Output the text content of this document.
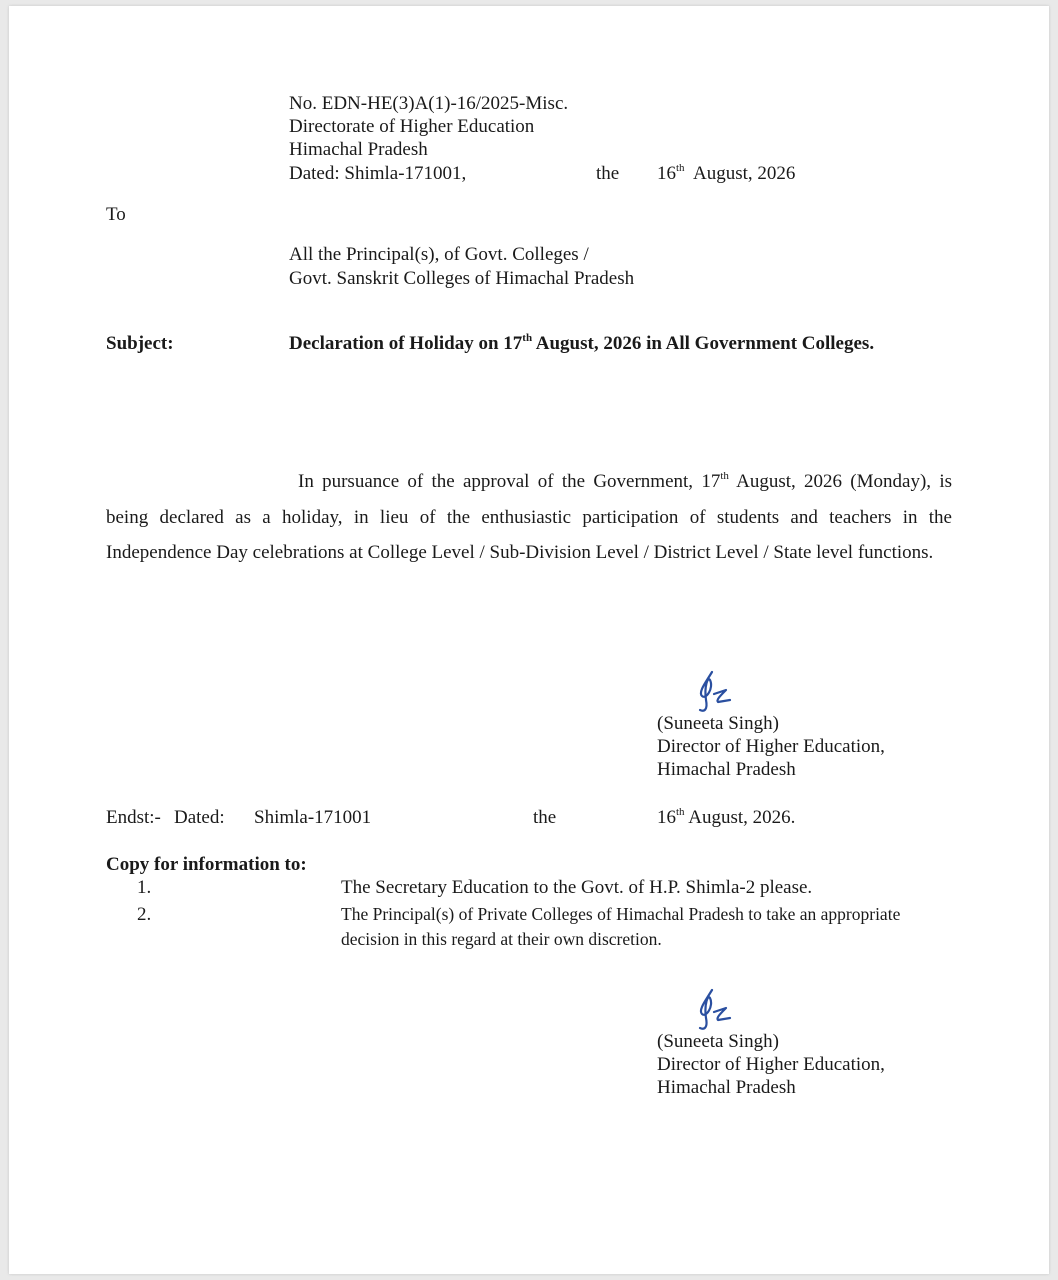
No. EDN-HE(3)A(1)-16/2025-Misc.
Directorate of Higher Education
Himachal Pradesh
Dated: Shimla-171001,	the 16th August, 2026
To
All the Principal(s), of Govt. Colleges /
Govt. Sanskrit Colleges of Himachal Pradesh
Subject:	Declaration of Holiday on 17th August, 2026 in All Government Colleges.
In pursuance of the approval of the Government, 17th August, 2026 (Monday), is being declared as a holiday, in lieu of the enthusiastic participation of students and teachers in the Independence Day celebrations at College Level / Sub-Division Level / District Level / State level functions.
(Suneeta Singh)
Director of Higher Education,
Himachal Pradesh
Endst:- Dated: Shimla-171001	the	16th August, 2026.
Copy for information to:
1.	The Secretary Education to the Govt. of H.P. Shimla-2 please.
2.	The Principal(s) of Private Colleges of Himachal Pradesh to take an appropriate
decision in this regard at their own discretion.
(Suneeta Singh)
Director of Higher Education,
Himachal Pradesh
